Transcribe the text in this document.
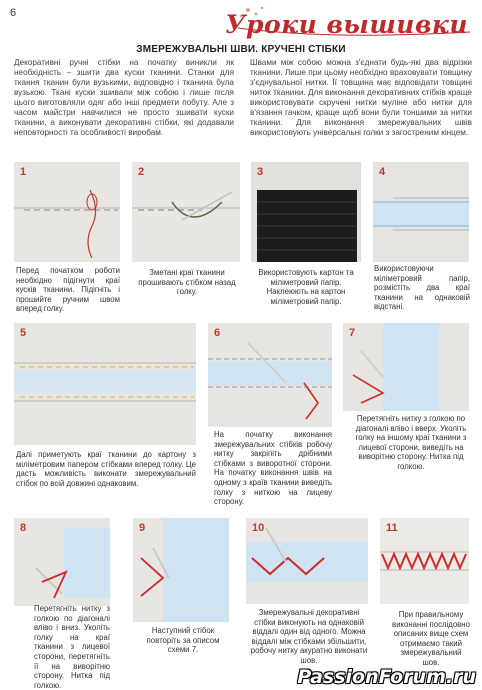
6	Уроки вышивки
ЗМЕРЕЖУВАЛЬНІ ШВИ. КРУЧЕНІ СТІБКИ
Декоративні ручні стібки на початку виникли як необхідність – зшити два куски тканини. Станки для ткання тканин були вузькими, відповідно і тканина була вузькою. Ткані куски зшивали між собою і лише після цього виготовляли одяг або інші предмети побуту. Але з часом майстри навчилися не просто зшивати куски тканини, а виконувати декоративні стібки, які додавали неповторності та особливості виробам.
Швами між собою можна з'єднати будь-які два відрізки тканини. Лише при цьому необхідно враховувати товщину з'єднувальної нитки. Її товщина має відповідати товщині ниток тканини. Для виконання декоративних стібків краще використовувати скручені нитки муліне або нитки для в'язання гачком, краще щоб вони були тоншими за нитки тканини. Для виконання змережувальних швів використовують універсальні голки з загостреним кінцем.
1
Перед початком роботи необхідно підігнути краї кусків тканини. Підігніть і прошийте ручним швом вперед голку.
2
Зметані краї тканини прошивають стібком назад голку.
3
Використовують картон та міліметровий папір. Наклеюють на картон міліметровий папір.
4
Використовуючи міліметровий папір, розмістіть два краї тканини на однаковій відстані.
5
Далі приметують краї тканини до картону з міліметровим папером стібками вперед голку. Це дасть можливість виконати змережувальний стібок по всій довжині однаковим.
6
На початку виконання змережувальних стібків робочу нитку закріпіть дрібними стібками з виворотної сторони. На початку виконання швів на одному з країв тканини виведіть голку з ниткою на лицеву сторону.
7
Перетягніть нитку з голкою по діагоналі вліво і вверх. Уколіть голку на іншому краї тканини з лицевої сторони, виведіть на виворітню сторону. Нитка під голкою.
8
Перетягніть нитку з голкою по діагоналі вліво і вниз. Уколіть голку на краї тканини з лицевої сторони, перетягніть її на виворітню сторону. Нитка під голкою.
9
Наступний стібок повторіть за описом схеми 7.
10
Змережувальні декоративні стібки виконують на однаковій віддалі один від одного. Можна віддалі між стібками збільшити, робочу нитку акуратно виконати шов.
11
При правильному виконанні послідовно описаних вище схем отримаємо такий змережувальний шов.
PassionForum.ru
